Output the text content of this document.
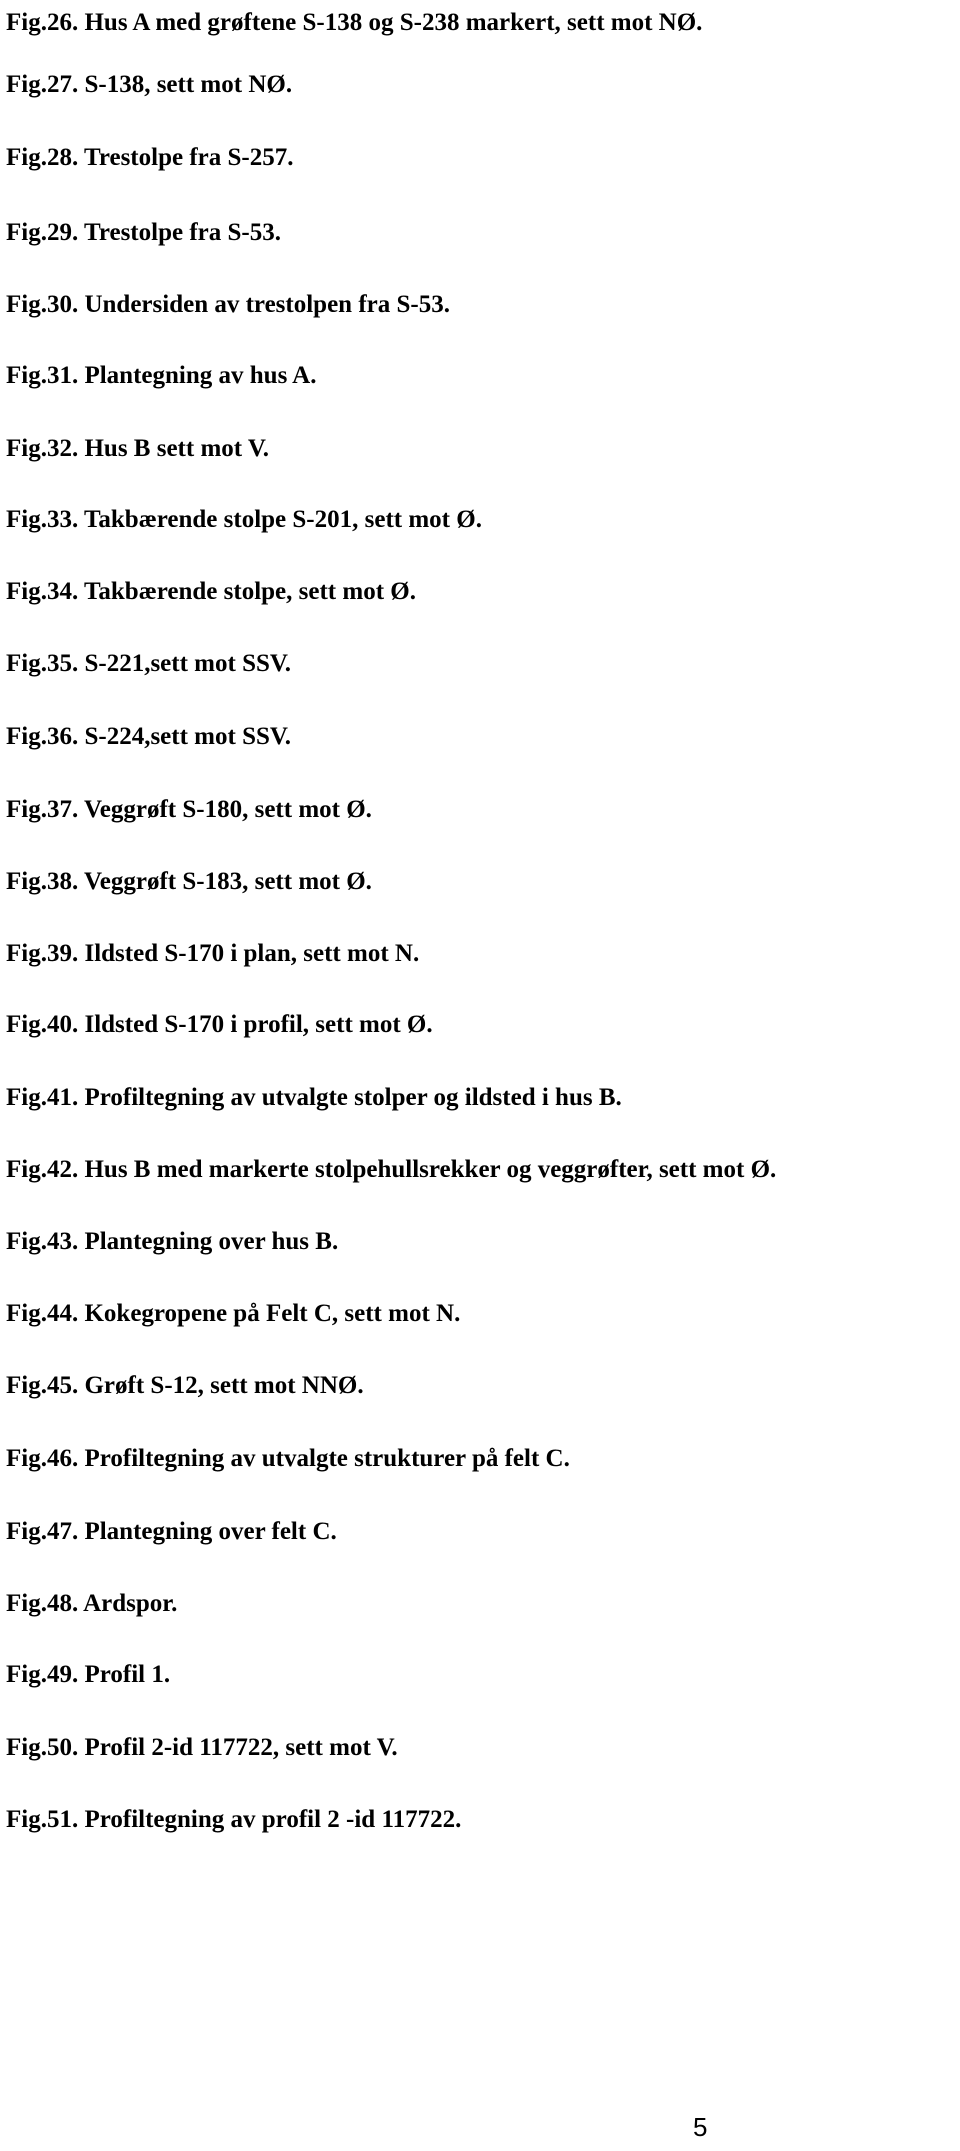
Fig.26. Hus A med grøftene S-138 og S-238 markert, sett mot NØ.
Fig.27. S-138, sett mot NØ.
Fig.28. Trestolpe fra S-257.
Fig.29. Trestolpe fra S-53.
Fig.30. Undersiden av trestolpen fra S-53.
Fig.31. Plantegning av hus A.
Fig.32. Hus B sett mot V.
Fig.33. Takbærende stolpe S-201, sett mot Ø.
Fig.34. Takbærende stolpe, sett mot Ø.
Fig.35. S-221,sett mot SSV.
Fig.36. S-224,sett mot SSV.
Fig.37. Veggrøft S-180, sett mot Ø.
Fig.38. Veggrøft S-183, sett mot Ø.
Fig.39. Ildsted S-170 i plan, sett mot N.
Fig.40. Ildsted S-170 i profil, sett mot Ø.
Fig.41. Profiltegning av utvalgte stolper og ildsted i hus B.
Fig.42. Hus B med markerte stolpehullsrekker og veggrøfter, sett mot Ø.
Fig.43. Plantegning over hus B.
Fig.44. Kokegropene på Felt C, sett mot N.
Fig.45. Grøft S-12, sett mot NNØ.
Fig.46. Profiltegning av utvalgte strukturer på felt C.
Fig.47. Plantegning over felt C.
Fig.48. Ardspor.
Fig.49. Profil 1.
Fig.50. Profil 2-id 117722, sett mot V.
Fig.51. Profiltegning av profil 2 -id 117722.
5
